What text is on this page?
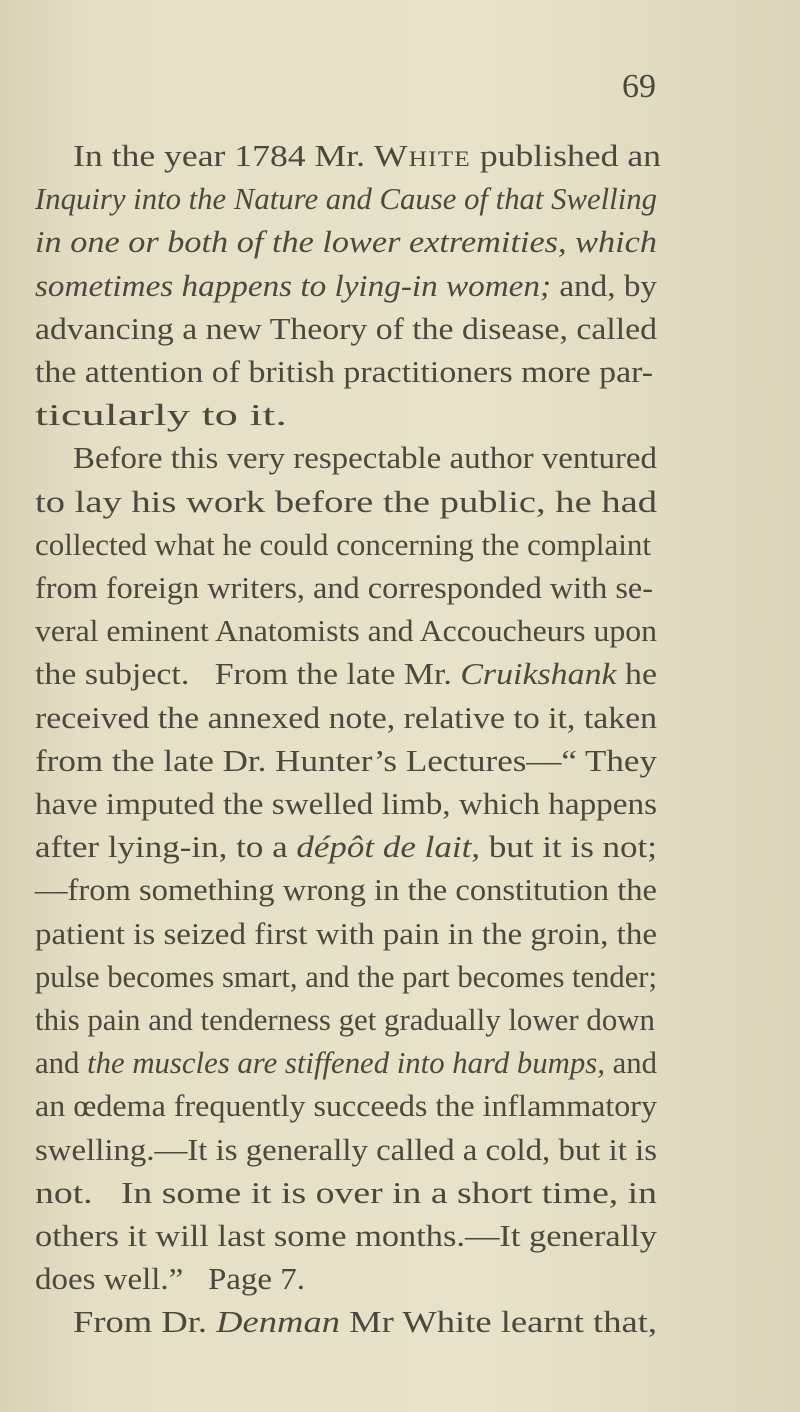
69
In the year 1784 Mr. White published an
Inquiry into the Nature and Cause of that Swelling
in one or both of the lower extremities, which
sometimes happens to lying-in women; and, by
advancing a new Theory of the disease, called
the attention of british practitioners more par-
ticularly to it.
Before this very respectable author ventured
to lay his work before the public, he had
collected what he could concerning the complaint
from foreign writers, and corresponded with se-
veral eminent Anatomists and Accoucheurs upon
the subject.   From the late Mr. Cruikshank he
received the annexed note, relative to it, taken
from the late Dr. Hunter’s Lectures—“ They
have imputed the swelled limb, which happens
after lying-in, to a dépôt de lait, but it is not;
—from something wrong in the constitution the
patient is seized first with pain in the groin, the
pulse becomes smart, and the part becomes tender;
this pain and tenderness get gradually lower down
and the muscles are stiffened into hard bumps, and
an œdema frequently succeeds the inflammatory
swelling.—It is generally called a cold, but it is
not.   In some it is over in a short time, in
others it will last some months.—It generally
does well.”   Page 7.
From Dr. Denman Mr White learnt that,
